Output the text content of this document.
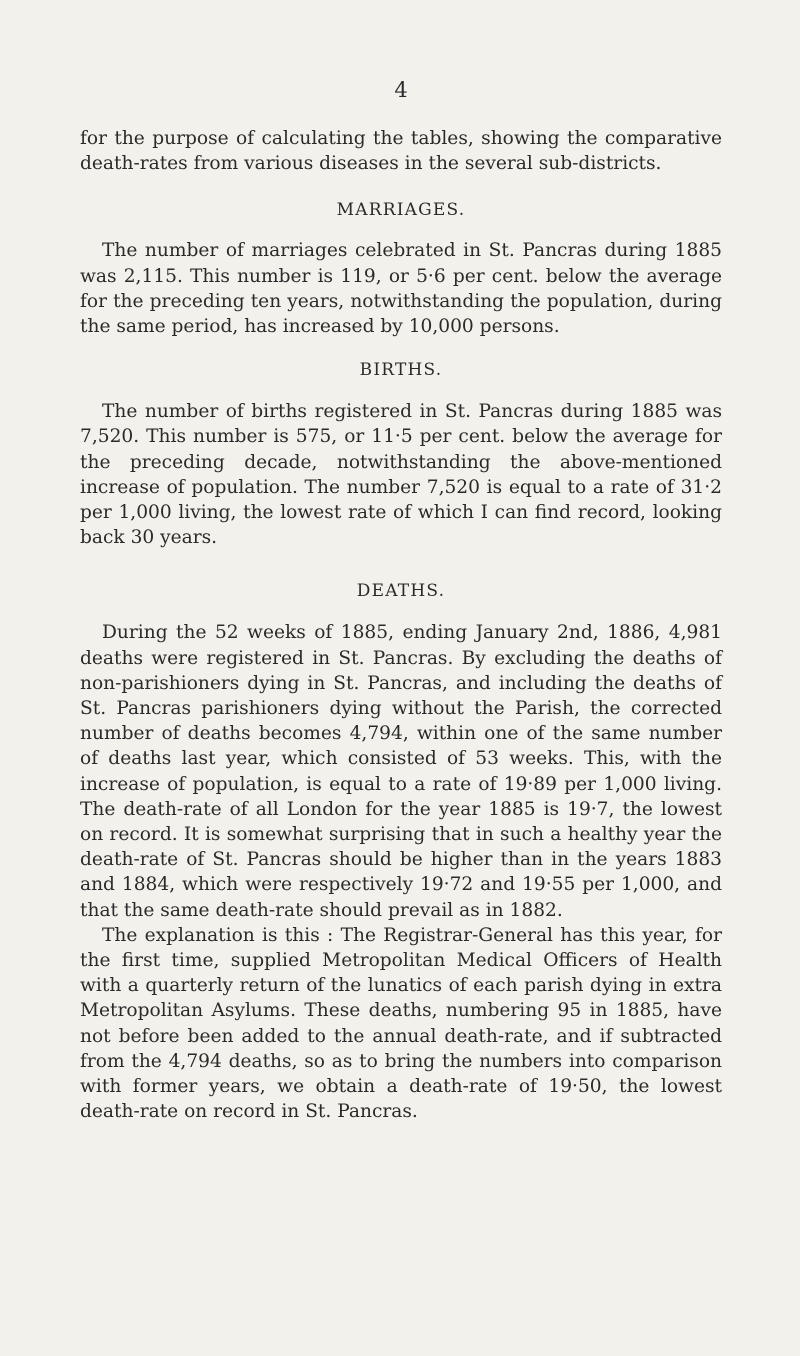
4

for the purpose of calculating the tables, showing the comparative death-rates from various diseases in the several sub-districts.

MARRIAGES.

The number of marriages celebrated in St. Pancras during 1885 was 2,115. This number is 119, or 5·6 per cent. below the average for the preceding ten years, notwithstanding the population, during the same period, has increased by 10,000 persons.

BIRTHS.

The number of births registered in St. Pancras during 1885 was 7,520. This number is 575, or 11·5 per cent. below the average for the preceding decade, notwithstanding the above-mentioned increase of population. The number 7,520 is equal to a rate of 31·2 per 1,000 living, the lowest rate of which I can find record, looking back 30 years.

DEATHS.

During the 52 weeks of 1885, ending January 2nd, 1886, 4,981 deaths were registered in St. Pancras. By excluding the deaths of non-parishioners dying in St. Pancras, and including the deaths of St. Pancras parishioners dying without the Parish, the corrected number of deaths becomes 4,794, within one of the same number of deaths last year, which consisted of 53 weeks. This, with the increase of population, is equal to a rate of 19·89 per 1,000 living. The death-rate of all London for the year 1885 is 19·7, the lowest on record. It is somewhat surprising that in such a healthy year the death-rate of St. Pancras should be higher than in the years 1883 and 1884, which were respectively 19·72 and 19·55 per 1,000, and that the same death-rate should prevail as in 1882.

The explanation is this : The Registrar-General has this year, for the first time, supplied Metropolitan Medical Officers of Health with a quarterly return of the lunatics of each parish dying in extra Metropolitan Asylums. These deaths, numbering 95 in 1885, have not before been added to the annual death-rate, and if subtracted from the 4,794 deaths, so as to bring the numbers into comparison with former years, we obtain a death-rate of 19·50, the lowest death-rate on record in St. Pancras.
